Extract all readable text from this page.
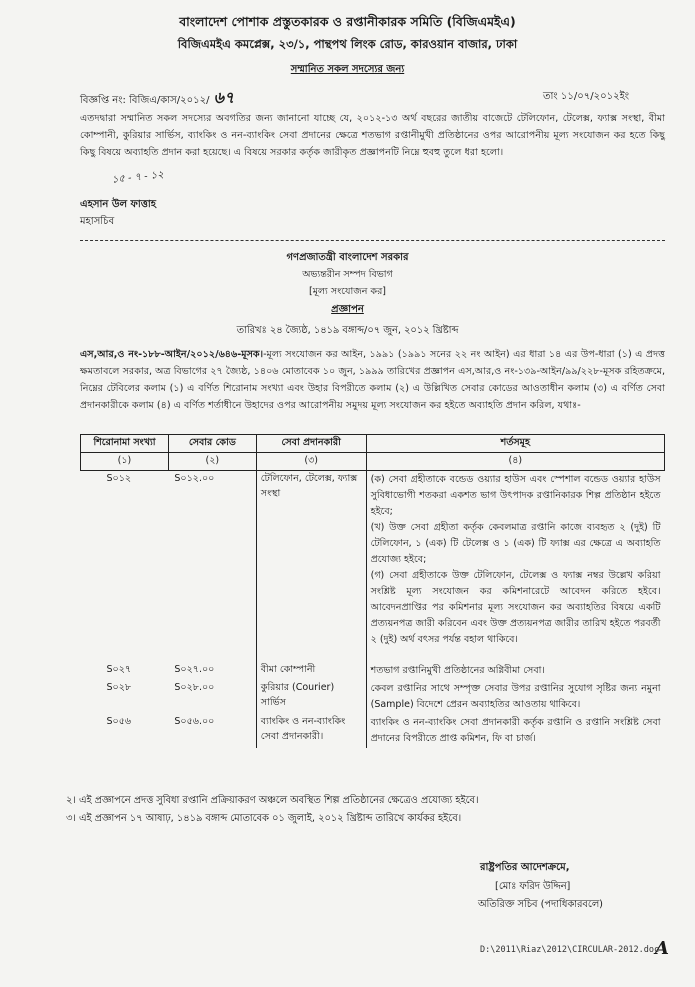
বাংলাদেশ পোশাক প্রস্তুতকারক ও রপ্তানীকারক সমিতি (বিজিএমইএ)
বিজিএমইএ কমপ্লেক্স, ২৩/১, পান্থপথ লিংক রোড, কারওয়ান বাজার, ঢাকা
সম্মানিত সকল সদস্যের জন্য
বিজ্ঞপ্তি নং: বিজিএ/কাস/২০১২/ ৬৭	তাং ১১/০৭/২০১২ইং
এতদদ্বারা সম্মানিত সকল সদস্যের অবগতির জন্য জানানো যাচ্ছে যে, ২০১২-১৩ অর্থ বছরের জাতীয় বাজেটে টেলিফোন, টেলেক্স, ফ্যাক্স সংস্থা, বীমা কোম্পানী, কুরিয়ার সার্ভিস, ব্যাংকিং ও নন-ব্যাংকিং সেবা প্রদানের ক্ষেত্রে শতভাগ রপ্তানীমুখী প্রতিষ্ঠানের ওপর আরোপনীয় মূল্য সংযোজন কর হতে কিছু কিছু বিষয়ে অব্যাহতি প্রদান করা হয়েছে। এ বিষয়ে সরকার কর্তৃক জারীকৃত প্রজ্ঞাপনটি নিম্নে হুবহু তুলে ধরা হলো।
১৫ - ৭ - ১২
এহসান উল ফাত্তাহ
মহাসচিব
গণপ্রজাতন্ত্রী বাংলাদেশ সরকার
অভ্যন্তরীন সম্পদ বিভাগ
[মূল্য সংযোজন কর]
প্রজ্ঞাপন
তারিখঃ ২৪ জ্যৈষ্ঠ, ১৪১৯ বঙ্গাব্দ/০৭ জুন, ২০১২ খ্রিষ্টাব্দ
এস,আর,ও নং-১৮৮-আইন/২০১২/৬৪৬-মূসক।-মূল্য সংযোজন কর আইন, ১৯৯১ (১৯৯১ সনের ২২ নং আইন) এর ধারা ১৪ এর উপ-ধারা (১) এ প্রদত্ত ক্ষমতাবলে সরকার, অত্র বিভাগের ২৭ জ্যৈষ্ঠ, ১৪০৬ মোতাবেক ১০ জুন, ১৯৯৯ তারিখের প্রজ্ঞাপন এস,আর,ও নং-১৩৯-আইন/৯৯/২২৮-মূসক রহিতক্রমে, নিম্নের টেবিলের কলাম (১) এ বর্ণিত শিরোনাম সংখ্যা এবং উহার বিপরীতে কলাম (২) এ উল্লিখিত সেবার কোডের আওতাধীন কলাম (৩) এ বর্ণিত সেবা প্রদানকারীকে কলাম (৪) এ বর্ণিত শর্তাধীনে উহাদের ওপর আরোপনীয় সমুদয় মূল্য সংযোজন কর হইতে অব্যাহতি প্রদান করিল, যথাঃ-
শিরোনামা সংখ্যা	সেবার কোড	সেবা প্রদানকারী	শর্তসমূহ
(১)	(২)	(৩)	(৪)
S০১২	S০১২.০০	টেলিফোন, টেলেক্স, ফ্যাক্স সংস্থা	(ক) সেবা গ্রহীতাকে বন্ডেড ওয়্যার হাউস এবং স্পেশাল বন্ডেড ওয়্যার হাউস সুবিধাভোগী শতকরা একশত ভাগ উৎপাদক রপ্তানিকারক শিল্প প্রতিষ্ঠান হইতে হইবে;
(খ) উক্ত সেবা গ্রহীতা কর্তৃক কেবলমাত্র রপ্তানি কাজে ব্যবহৃত ২ (দুই) টি টেলিফোন, ১ (এক) টি টেলেক্স ও ১ (এক) টি ফ্যাক্স এর ক্ষেত্রে এ অব্যাহতি প্রযোজ্য হইবে;
(গ) সেবা গ্রহীতাকে উক্ত টেলিফোন, টেলেক্স ও ফ্যাক্স নম্বর উল্লেখ করিয়া সংশ্লিষ্ট মূল্য সংযোজন কর কমিশনারেটে আবেদন করিতে হইবে। আবেদনপ্রাপ্তির পর কমিশনার মূল্য সংযোজন কর অব্যাহতির বিষয়ে একটি প্রত্যয়নপত্র জারী করিবেন এবং উক্ত প্রত্যয়নপত্র জারীর তারিখ হইতে পরবর্তী ২ (দুই) অর্থ বৎসর পর্যন্ত বহাল থাকিবে।

S০২৭	S০২৭.০০	বীমা কোম্পানী	শতভাগ রপ্তানিমুখী প্রতিষ্ঠানের অগ্নিবীমা সেবা।

S০২৮	S০২৮.০০	কুরিয়ার (Courier) সার্ভিস	কেবল রপ্তানির সাথে সম্পৃক্ত সেবার উপর রপ্তানির সুযোগ সৃষ্টির জন্য নমুনা (Sample) বিদেশে প্রেরন অব্যাহতির আওতায় থাকিবে।

S০৫৬	S০৫৬.০০	ব্যাংকিং ও নন-ব্যাংকিং সেবা প্রদানকারী।	ব্যাংকিং ও নন-ব্যাংকিং সেবা প্রদানকারী কর্তৃক রপ্তানি ও রপ্তানি সংশ্লিষ্ট সেবা প্রদানের বিপরীতে প্রাপ্ত কমিশন, ফি বা চার্জ।
২। এই প্রজ্ঞাপনে প্রদত্ত সুবিধা রপ্তানি প্রক্রিয়াকরণ অঞ্চলে অবস্থিত শিল্প প্রতিষ্ঠানের ক্ষেত্রেও প্রযোজ্য হইবে।
৩। এই প্রজ্ঞাপন ১৭ আষাঢ়, ১৪১৯ বঙ্গাব্দ মোতাবেক ০১ জুলাই, ২০১২ খ্রিষ্টাব্দ তারিখে কার্যকর হইবে।
রাষ্ট্রপতির আদেশক্রমে,
[মোঃ ফরিদ উদ্দিন]
অতিরিক্ত সচিব (পদাধিকারবলে)
D:\2011\Riaz\2012\CIRCULAR-2012.doc
A
